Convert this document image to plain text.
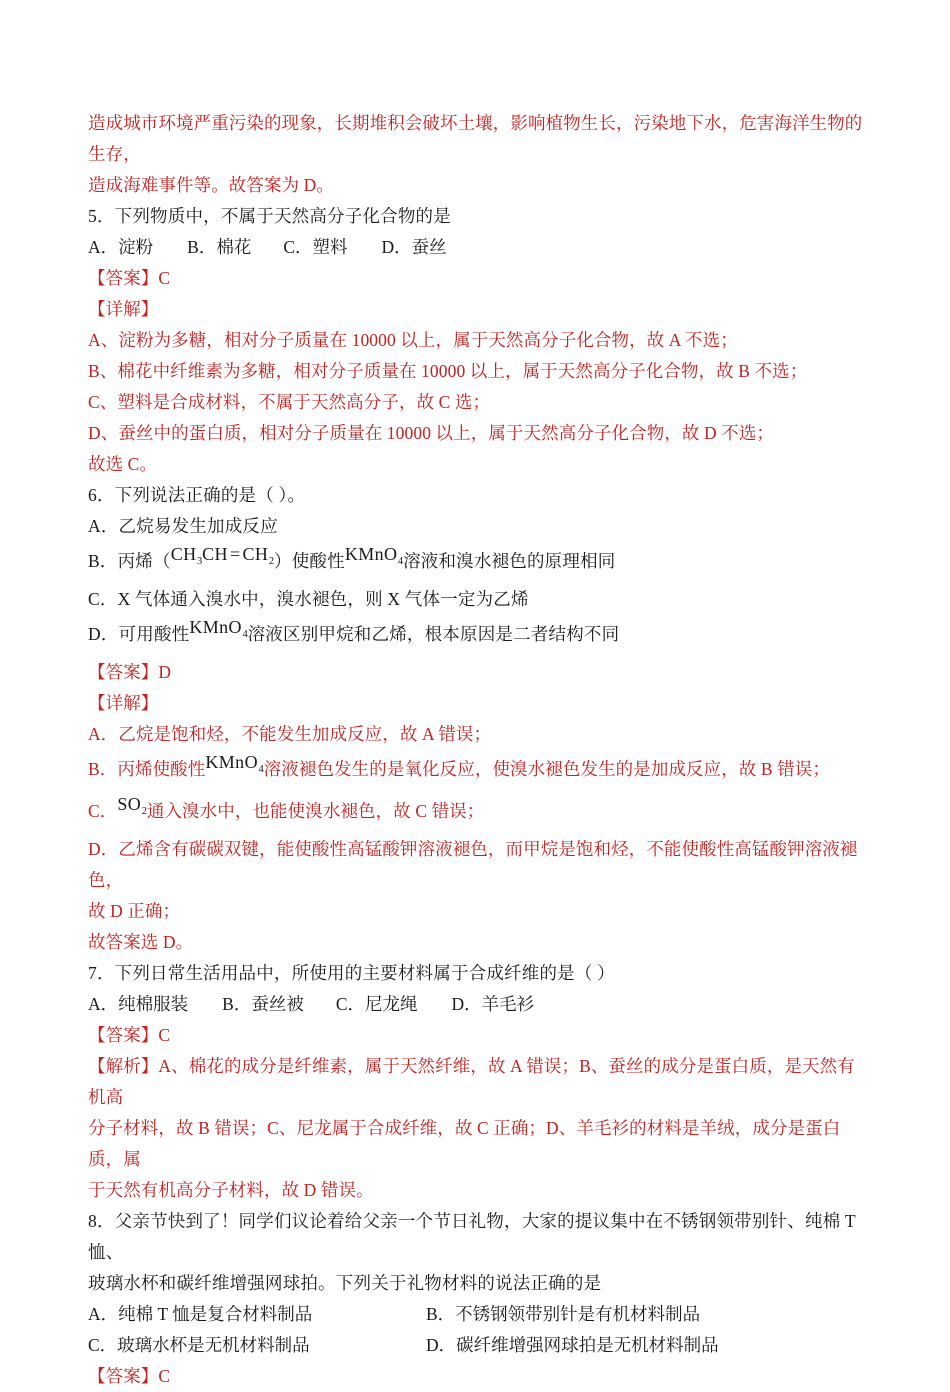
造成城市环境严重污染的现象，长期堆积会破坏土壤，影响植物生长，污染地下水，危害海洋生物的生存，
造成海难事件等。故答案为 D。
5．下列物质中，不属于天然高分子化合物的是
A．淀粉 B．棉花 C．塑料 D．蚕丝
【答案】C
【详解】
A、淀粉为多糖，相对分子质量在 10000 以上，属于天然高分子化合物，故 A 不选；
B、棉花中纤维素为多糖，相对分子质量在 10000 以上，属于天然高分子化合物，故 B 不选；
C、塑料是合成材料，不属于天然高分子，故 C 选；
D、蚕丝中的蛋白质，相对分子质量在 10000 以上，属于天然高分子化合物，故 D 不选；
故选 C。
6．下列说法正确的是（ ）。
A．乙烷易发生加成反应
B．丙烯$(CH_3CH = CH_2)$使酸性KMnO$_4$溶液和溴水褪色的原理相同
C．X 气体通入溴水中，溴水褪色，则 X 气体一定为乙烯
D．可用酸性KMnO$_4$溶液区别甲烷和乙烯，根本原因是二者结构不同
【答案】D
【详解】
A．乙烷是饱和烃，不能发生加成反应，故 A 错误；
B．丙烯使酸性KMnO$_4$溶液褪色发生的是氧化反应，使溴水褪色发生的是加成反应，故 B 错误；
C．$SO_2$通入溴水中，也能使溴水褪色，故 C 错误；
D．乙烯含有碳碳双键，能使酸性高锰酸钾溶液褪色，而甲烷是饱和烃，不能使酸性高锰酸钾溶液褪色，
故 D 正确；
故答案选 D。
7．下列日常生活用品中，所使用的主要材料属于合成纤维的是（ ）
A．纯棉服装 B．蚕丝被 C．尼龙绳 D．羊毛衫
【答案】C
【解析】A、棉花的成分是纤维素，属于天然纤维，故 A 错误；B、蚕丝的成分是蛋白质，是天然有机高
分子材料，故 B 错误；C、尼龙属于合成纤维，故 C 正确；D、羊毛衫的材料是羊绒，成分是蛋白质，属
于天然有机高分子材料，故 D 错误。
8．父亲节快到了！同学们议论着给父亲一个节日礼物，大家的提议集中在不锈钢领带别针、纯棉 T 恤、
玻璃水杯和碳纤维增强网球拍。下列关于礼物材料的说法正确的是
A．纯棉 T 恤是复合材料制品	B．不锈钢领带别针是有机材料制品
C．玻璃水杯是无机材料制品	D．碳纤维增强网球拍是无机材料制品
【答案】C
